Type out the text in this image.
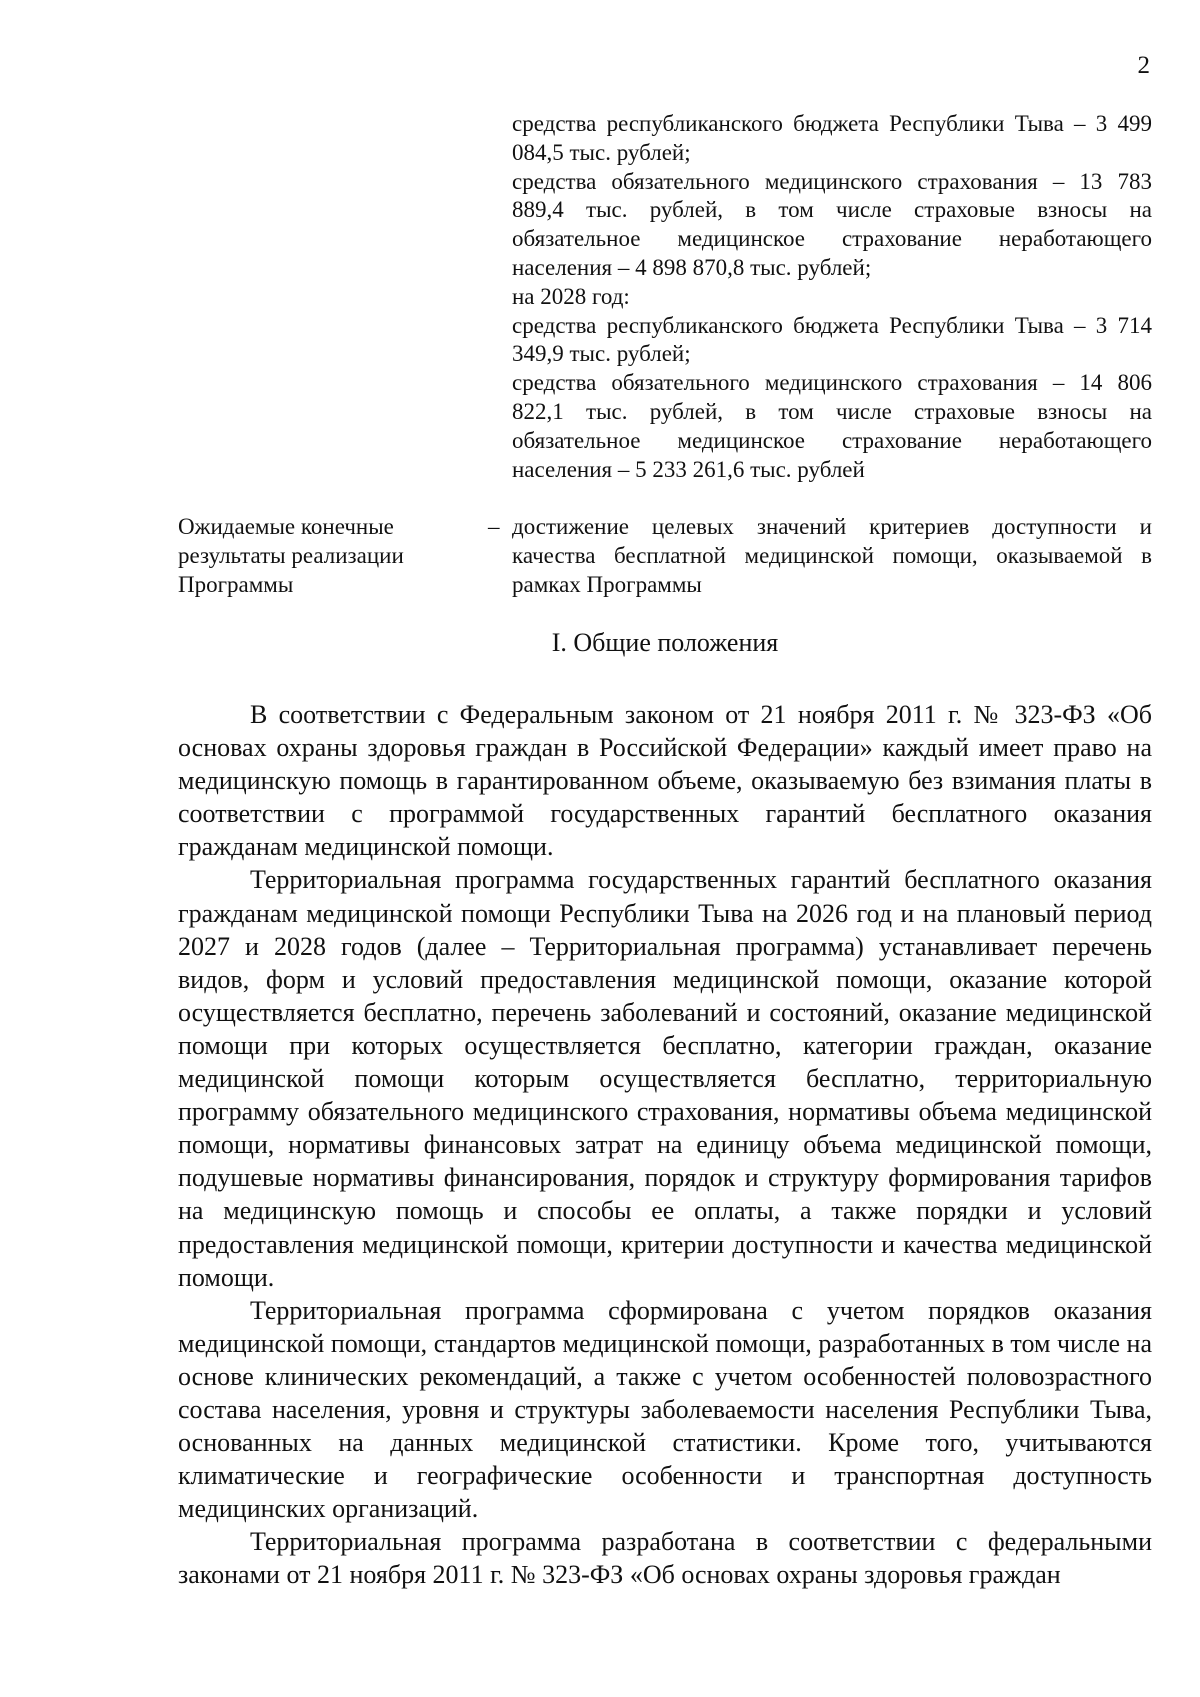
2

средства республиканского бюджета Республики Тыва – 3 499 084,5 тыс. рублей;

средства обязательного медицинского страхования – 13 783 889,4 тыс. рублей, в том числе страховые взносы на обязательное медицинское страхование неработающего населения – 4 898 870,8 тыс. рублей;

на 2028 год:

средства республиканского бюджета Республики Тыва – 3 714 349,9 тыс. рублей;

средства обязательного медицинского страхования – 14 806 822,1 тыс. рублей, в том числе страховые взносы на обязательное медицинское страхование неработающего населения – 5 233 261,6 тыс. рублей

Ожидаемые конечные результаты реализации Программы
– достижение целевых значений критериев доступности и качества бесплатной медицинской помощи, оказываемой в рамках Программы
I. Общие положения

В соответствии с Федеральным законом от 21 ноября 2011 г. № 323-ФЗ «Об основах охраны здоровья граждан в Российской Федерации» каждый имеет право на медицинскую помощь в гарантированном объеме, оказываемую без взимания платы в соответствии с программой государственных гарантий бесплатного оказания гражданам медицинской помощи.

Территориальная программа государственных гарантий бесплатного оказания гражданам медицинской помощи Республики Тыва на 2026 год и на плановый период 2027 и 2028 годов (далее – Территориальная программа) устанавливает перечень видов, форм и условий предоставления медицинской помощи, оказание которой осуществляется бесплатно, перечень заболеваний и состояний, оказание медицинской помощи при которых осуществляется бесплатно, категории граждан, оказание медицинской помощи которым осуществляется бесплатно, территориальную программу обязательного медицинского страхования, нормативы объема медицинской помощи, нормативы финансовых затрат на единицу объема медицинской помощи, подушевые нормативы финансирования, порядок и структуру формирования тарифов на медицинскую помощь и способы ее оплаты, а также порядки и условий предоставления медицинской помощи, критерии доступности и качества медицинской помощи.

Территориальная программа сформирована с учетом порядков оказания медицинской помощи, стандартов медицинской помощи, разработанных в том числе на основе клинических рекомендаций, а также с учетом особенностей половозрастного состава населения, уровня и структуры заболеваемости населения Республики Тыва, основанных на данных медицинской статистики. Кроме того, учитываются климатические и географические особенности и транспортная доступность медицинских организаций.

Территориальная программа разработана в соответствии с федеральными законами от 21 ноября 2011 г. № 323-ФЗ «Об основах охраны здоровья граждан
